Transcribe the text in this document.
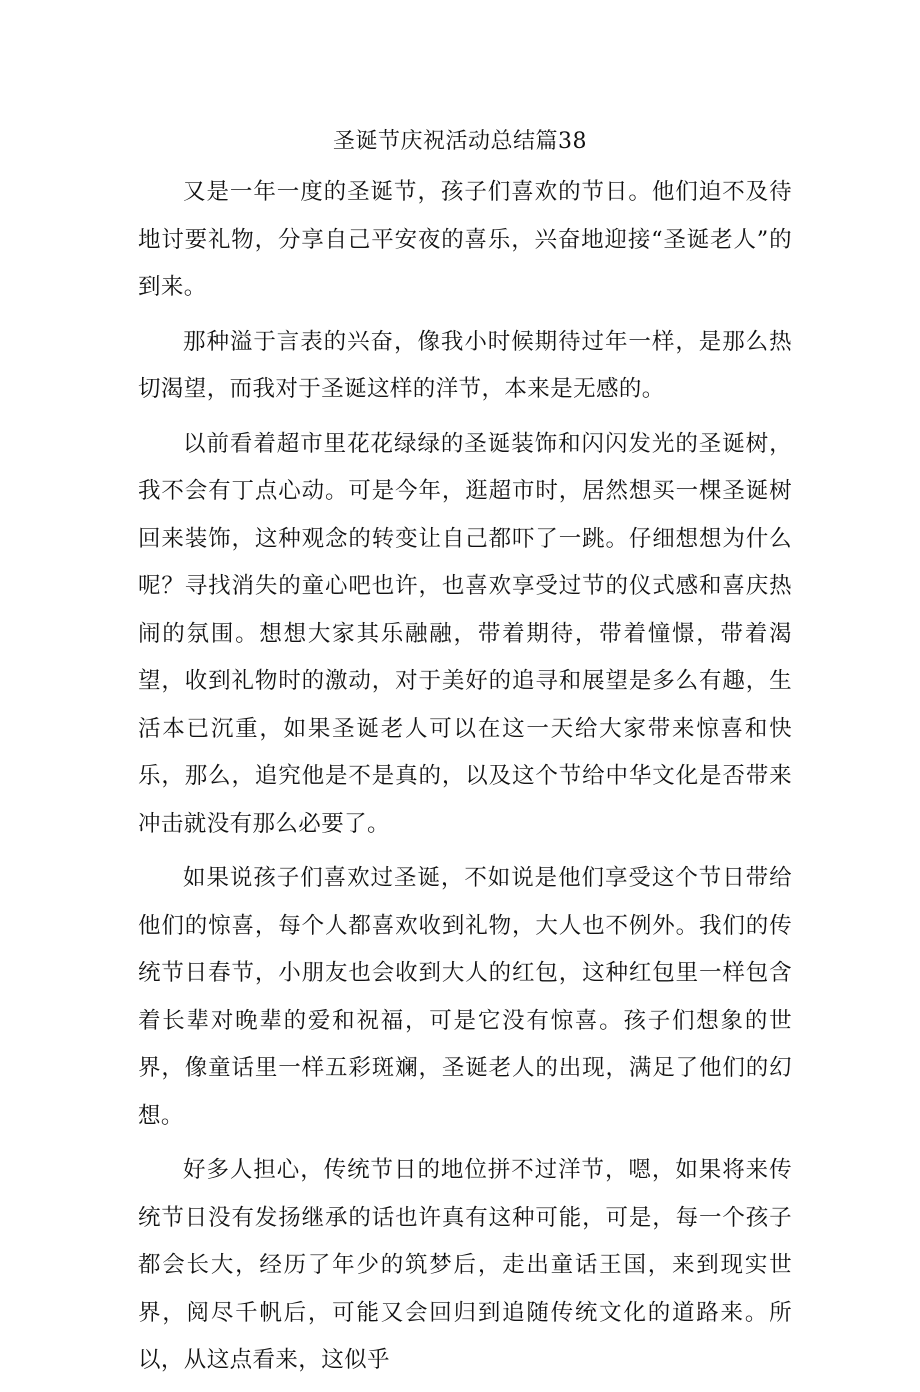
圣诞节庆祝活动总结篇38

又是一年一度的圣诞节，孩子们喜欢的节日。他们迫不及待地讨要礼物，分享自己平安夜的喜乐，兴奋地迎接“圣诞老人”的到来。

那种溢于言表的兴奋，像我小时候期待过年一样，是那么热切渴望，而我对于圣诞这样的洋节，本来是无感的。

以前看着超市里花花绿绿的圣诞装饰和闪闪发光的圣诞树，我不会有丁点心动。可是今年，逛超市时，居然想买一棵圣诞树回来装饰，这种观念的转变让自己都吓了一跳。仔细想想为什么呢？寻找消失的童心吧也许，也喜欢享受过节的仪式感和喜庆热闹的氛围。想想大家其乐融融，带着期待，带着憧憬，带着渴望，收到礼物时的激动，对于美好的追寻和展望是多么有趣，生活本已沉重，如果圣诞老人可以在这一天给大家带来惊喜和快乐，那么，追究他是不是真的，以及这个节给中华文化是否带来冲击就没有那么必要了。

如果说孩子们喜欢过圣诞，不如说是他们享受这个节日带给他们的惊喜，每个人都喜欢收到礼物，大人也不例外。我们的传统节日春节，小朋友也会收到大人的红包，这种红包里一样包含着长辈对晚辈的爱和祝福，可是它没有惊喜。孩子们想象的世界，像童话里一样五彩斑斓，圣诞老人的出现，满足了他们的幻想。

好多人担心，传统节日的地位拼不过洋节，嗯，如果将来传统节日没有发扬继承的话也许真有这种可能，可是，每一个孩子都会长大，经历了年少的筑梦后，走出童话王国，来到现实世界，阅尽千帆后，可能又会回归到追随传统文化的道路来。所以，从这点看来，这似乎
